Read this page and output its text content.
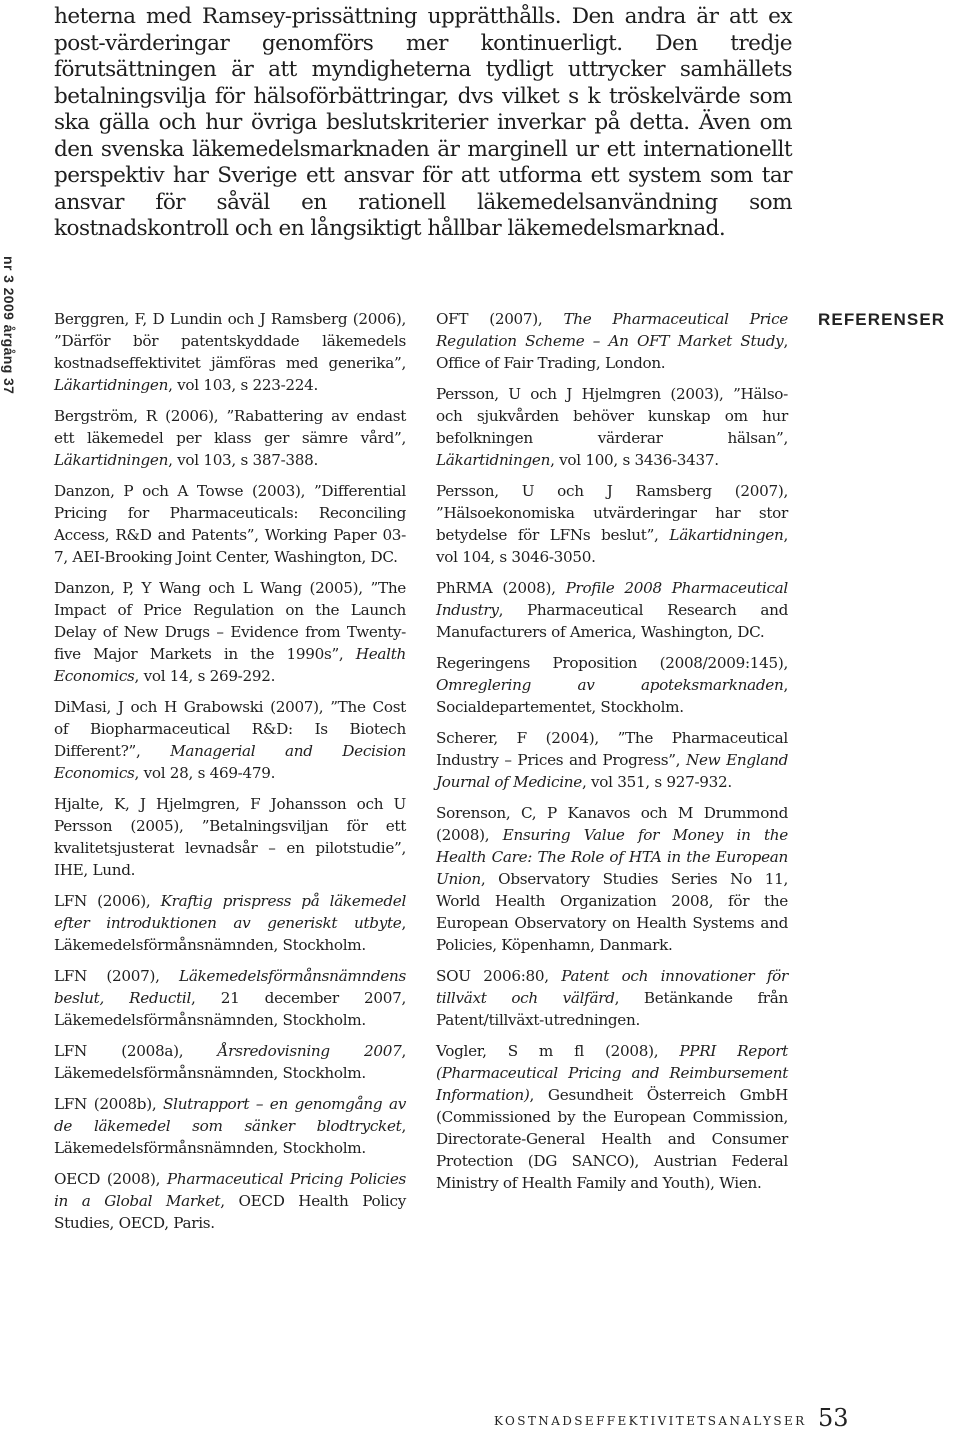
heterna med Ramsey-prissättning upprätthålls. Den andra är att ex post-värderingar genomförs mer kontinuerligt. Den tredje förutsättningen är att myndigheterna tydligt uttrycker samhällets betalningsvilja för hälsoförbättringar, dvs vilket s k tröskelvärde som ska gälla och hur övriga beslutskriterier inverkar på detta. Även om den svenska läkemedelsmarknaden är marginell ur ett internationellt perspektiv har Sverige ett ansvar för att utforma ett system som tar ansvar för såväl en rationell läkemedelsanvändning som kostnadskontroll och en långsiktigt hållbar läkemedelsmarknad.

nr 3 2009 årgång 37 Berggren, F, D Lundin och J Ramsberg (2006), ”Därför bör patentskyddade läkemedels kostnadseffektivitet jämföras med generika”, Läkartidningen, vol 103, s 223-224.

Bergström, R (2006), ”Rabattering av endast ett läkemedel per klass ger sämre vård”, Läkartidningen, vol 103, s 387-388.

Danzon, P och A Towse (2003), ”Differential Pricing for Pharmaceuticals: Reconciling Access, R&D and Patents”, Working Paper 03-7, AEI-Brooking Joint Center, Washington, DC.

Danzon, P, Y Wang och L Wang (2005), ”The Impact of Price Regulation on the Launch Delay of New Drugs – Evidence from Twenty-five Major Markets in the 1990s”, Health Economics, vol 14, s 269-292.

DiMasi, J och H Grabowski (2007), ”The Cost of Biopharmaceutical R&D: Is Biotech Different?”, Managerial and Decision Economics, vol 28, s 469-479.

Hjalte, K, J Hjelmgren, F Johansson och U Persson (2005), ”Betalningsviljan för ett kvalitetsjusterat levnadsår – en pilotstudie”, IHE, Lund.

LFN (2006), Kraftig prispress på läkemedel efter introduktionen av generiskt utbyte, Läkemedelsförmånsnämnden, Stockholm.

LFN (2007), Läkemedelsförmånsnämndens beslut, Reductil, 21 december 2007, Läkemedelsförmånsnämnden, Stockholm.

LFN (2008a), Årsredovisning 2007, Läkemedelsförmånsnämnden, Stockholm.

LFN (2008b), Slutrapport – en genomgång av de läkemedel som sänker blodtrycket, Läkemedelsförmånsnämnden, Stockholm.

OECD (2008), Pharmaceutical Pricing Policies in a Global Market, OECD Health Policy Studies, OECD, Paris.

OFT (2007), The Pharmaceutical Price Regulation Scheme – An OFT Market Study, Office of Fair Trading, London.

Persson, U och J Hjelmgren (2003), ”Hälso- och sjukvården behöver kunskap om hur befolkningen värderar hälsan”, Läkartidningen, vol 100, s 3436-3437.

Persson, U och J Ramsberg (2007), ”Hälsoekonomiska utvärderingar har stor betydelse för LFNs beslut”, Läkartidningen, vol 104, s 3046-3050.

PhRMA (2008), Profile 2008 Pharmaceutical Industry, Pharmaceutical Research and Manufacturers of America, Washington, DC.

Regeringens Proposition (2008/2009:145), Omreglering av apoteksmarknaden, Socialdepartementet, Stockholm.

Scherer, F (2004), ”The Pharmaceutical Industry – Prices and Progress”, New England Journal of Medicine, vol 351, s 927-932.

Sorenson, C, P Kanavos och M Drummond (2008), Ensuring Value for Money in the Health Care: The Role of HTA in the European Union, Observatory Studies Series No 11, World Health Organization 2008, för the European Observatory on Health Systems and Policies, Köpenhamn, Danmark.

SOU 2006:80, Patent och innovationer för tillväxt och välfärd, Betänkande från Patent/tillväxt-utredningen.

Vogler, S m fl (2008), PPRI Report (Pharmaceutical Pricing and Reimbursement Information), Gesundheit Österreich GmbH (Commissioned by the European Commission, Directorate-General Health and Consumer Protection (DG SANCO), Austrian Federal Ministry of Health Family and Youth), Wien.

REFERENSER
KOSTNADSEFFEKTIVITETSANALYSER 53
